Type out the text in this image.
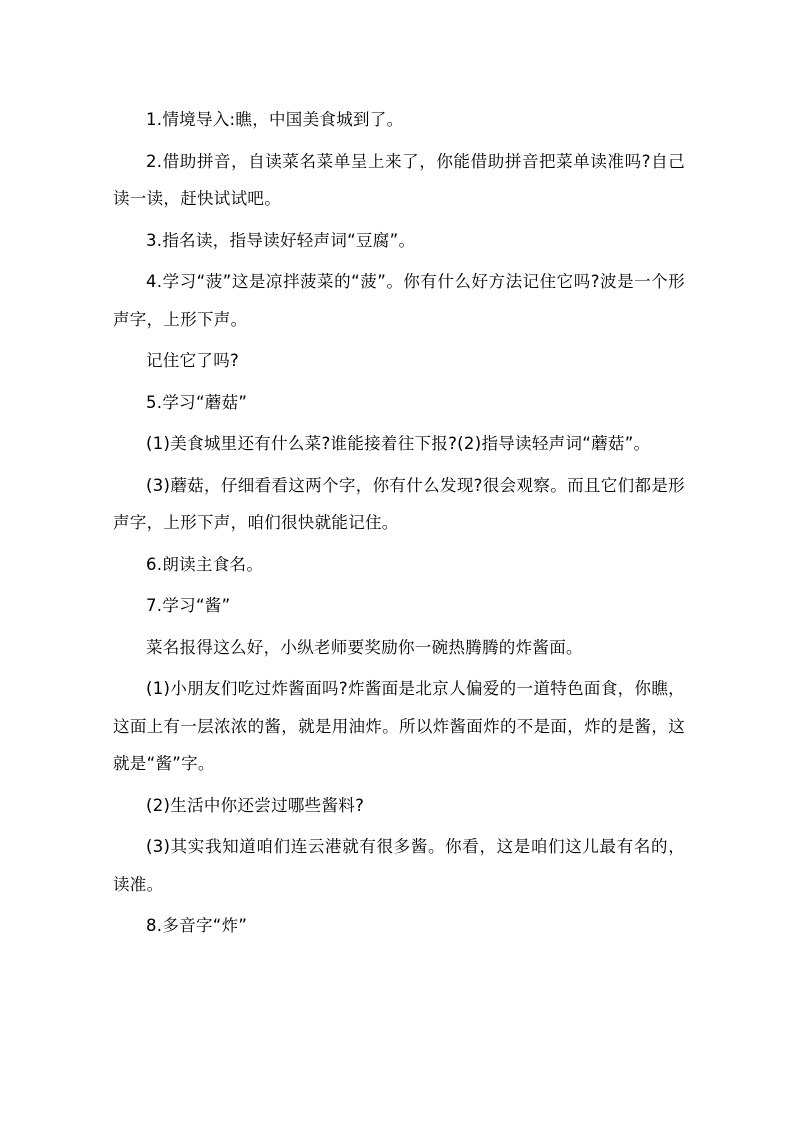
1.情境导入:瞧，中国美食城到了。

2.借助拼音，自读菜名菜单呈上来了，你能借助拼音把菜单读准吗?自己读一读，赶快试试吧。

3.指名读，指导读好轻声词“豆腐”。

4.学习“菠”这是凉拌菠菜的“菠”。你有什么好方法记住它吗?波是一个形声字，上形下声。

记住它了吗?

5.学习“蘑菇”

(1)美食城里还有什么菜?谁能接着往下报?(2)指导读轻声词“蘑菇”。

(3)蘑菇，仔细看看这两个字，你有什么发现?很会观察。而且它们都是形声字，上形下声，咱们很快就能记住。

6.朗读主食名。

7.学习“酱”

菜名报得这么好，小纵老师要奖励你一碗热腾腾的炸酱面。

(1)小朋友们吃过炸酱面吗?炸酱面是北京人偏爱的一道特色面食，你瞧，这面上有一层浓浓的酱，就是用油炸。所以炸酱面炸的不是面，炸的是酱，这就是“酱”字。

(2)生活中你还尝过哪些酱料?

(3)其实我知道咱们连云港就有很多酱。你看，这是咱们这儿最有名的，读准。

8.多音字“炸”
